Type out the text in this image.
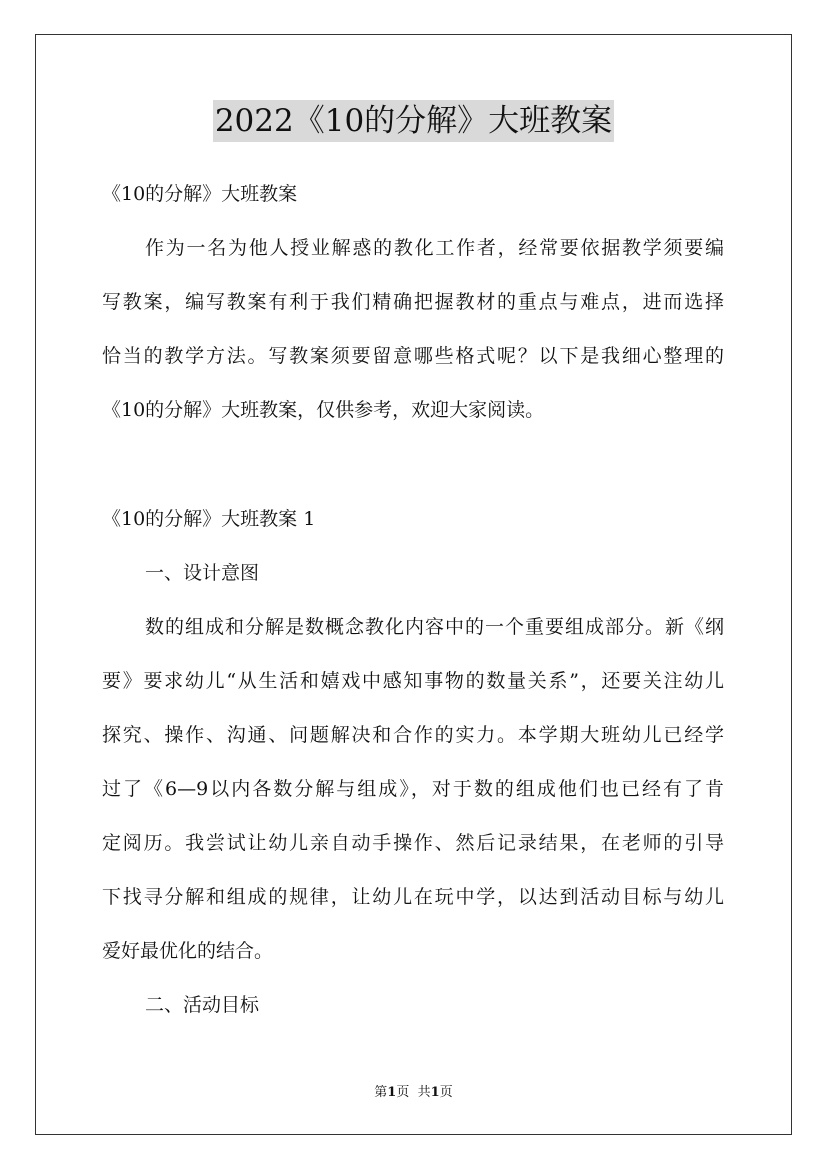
2022《10的分解》大班教案
《10的分解》大班教案
作为一名为他人授业解惑的教化工作者，经常要依据教学须要编
写教案，编写教案有利于我们精确把握教材的重点与难点，进而选择
恰当的教学方法。写教案须要留意哪些格式呢？以下是我细心整理的
《10的分解》大班教案，仅供参考，欢迎大家阅读。
《10的分解》大班教案 1
一、设计意图
数的组成和分解是数概念教化内容中的一个重要组成部分。新《纲
要》要求幼儿“从生活和嬉戏中感知事物的数量关系”，还要关注幼儿
探究、操作、沟通、问题解决和合作的实力。本学期大班幼儿已经学
过了《6—9以内各数分解与组成》，对于数的组成他们也已经有了肯
定阅历。我尝试让幼儿亲自动手操作、然后记录结果，在老师的引导
下找寻分解和组成的规律，让幼儿在玩中学，以达到活动目标与幼儿
爱好最优化的结合。
二、活动目标
第1页 共1页
